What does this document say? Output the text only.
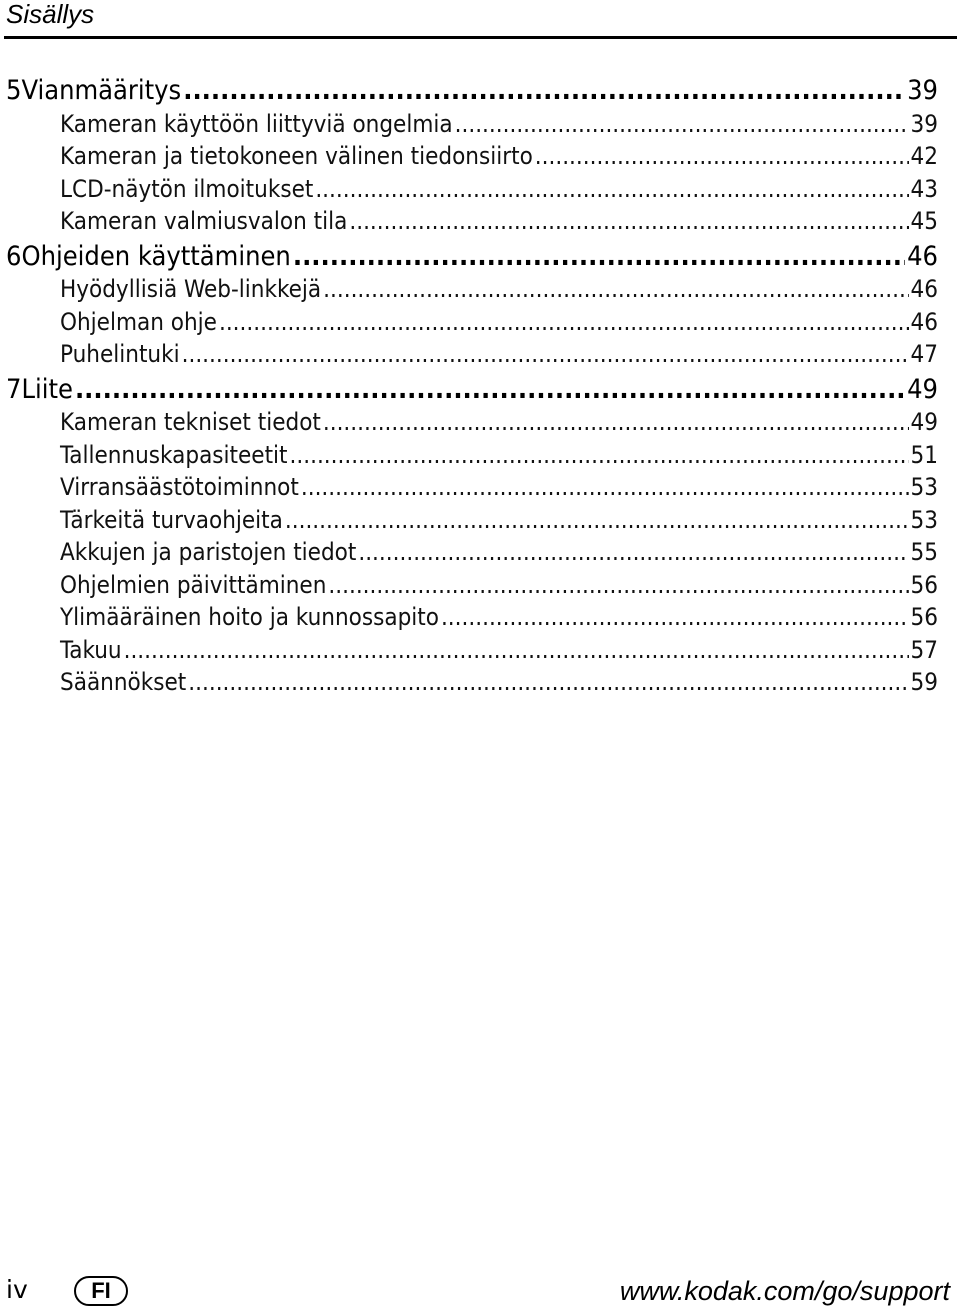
Sisällys
5 Vianmääritys .....	39
Kameran käyttöön liittyviä ongelmia .....	39
Kameran ja tietokoneen välinen tiedonsiirto .....	42
LCD-näytön ilmoitukset .....	43
Kameran valmiusvalon tila .....	45
6 Ohjeiden käyttäminen .....	46
Hyödyllisiä Web-linkkejä .....	46
Ohjelman ohje .....	46
Puhelintuki .....	47
7 Liite .....	49
Kameran tekniset tiedot .....	49
Tallennuskapasiteetit .....	51
Virransäästötoiminnot .....	53
Tärkeitä turvaohjeita .....	53
Akkujen ja paristojen tiedot .....	55
Ohjelmien päivittäminen .....	56
Ylimääräinen hoito ja kunnossapito .....	56
Takuu .....	57
Säännökset .....	59
iv	FI	www.kodak.com/go/support
